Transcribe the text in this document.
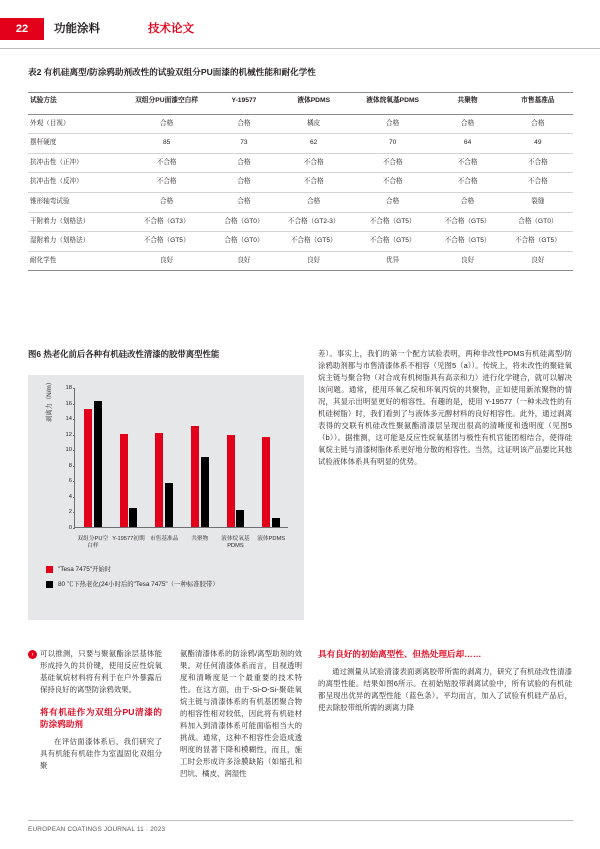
22	功能涂料	技术论文
表2 有机硅离型/防涂鸦助剂改性的试验双组分PU面漆的机械性能和耐化学性
试验方法	双组分PU面漆空白样	Y-19577	液体PDMS	液体烷氧基PDMS	共聚物	市售基准品
外观（目视）	合格	合格	橘皮	合格	合格	合格
摆杆硬度	85	73	62	70	64	49
抗冲击性（正冲）	不合格	合格	不合格	不合格	不合格	不合格
抗冲击性（反冲）	不合格	合格	不合格	不合格	不合格	不合格
锥形轴弯试验	合格	合格	合格	合格	合格	裂缝
干附着力（划格法）	不合格（GT3）	合格（GT0）	不合格（GT2-3）	不合格（GT5）	不合格（GT5）	合格（GT0）
湿附着力（划格法）	不合格（GT5）	合格（GT0）	不合格（GT5）	不合格（GT5）	不合格（GT5）	不合格（GT5）
耐化学性	良好	良好	良好	优异	良好	良好
图6 热老化前后各种有机硅改性清漆的胶带离型性能
剥离力（N/m）
0
2
4
6
8
10
12
14
16
18
双组分PU空白样
Y-19577初期 市售基准品	共聚物	液体烷氧基PDMS
液体PDMS
"Tesa 7475"开始时
80 ℃下热老化(24小时后的"Tesa 7475"（一种标准胶带）

差）。事实上，我们的第一个配方试验表明，两种非改性PDMS有机硅离型/防涂鸦助剂都与市售清漆体系不相容（见图5（a））。传统上，将未改性的聚硅氧烷主链与聚合物（对合成有机树脂具有高亲和力）进行化学键合，就可以解决该问题。通常，使用环氧乙烷和环氧丙烷的共聚物，正如使用新浓聚物的情况，其显示出明显更好的相容性。有趣的是，使用 Y-19577（一种未改性的有机硅树脂）时，我们看到了与液体多元醇材料的良好相容性。此外，通过剥离表得的交联有机硅改性聚氨酯清漆层呈现出很高的清晰度和透明度（见图5（b））。据推测，这可能是反应性烷氧基团与极性有机官能团相结合，使得硅氧烷主链与清漆树脂体系更好地分散的相容性。当然，这证明该产品要比其他试验液体体系具有明显的优势。

› 可以推测，只要与聚氨酯涂层基体能形成持久的共价键，使用反应性烷氧基硅氧烷材料将有利于在户外暴露后保持良好的离型防涂鸦效果。

将有机硅作为双组分PU清漆的防涂鸦助剂

在评估面漆体系后，我们研究了具有机能有机硅作为室温固化双组分聚

氨酯清漆体系的防涂鸦/离型助剂的效果。对任何清漆体系而言，目视透明度和清晰度是一个最重要的技术特性。在这方面，由于-Si-O-Si-聚硅氧烷主链与清漆体系的有机基团聚合物的相容性相对较低，因此将有机硅材料加入到清漆体系可能面临相当大的挑战。通常，这种不相容性会造成透明度的显著下降和模糊性，而且，施工时会形成许多涂膜缺陷（如缩孔和凹坑、橘皮、润湿性

具有良好的初始离型性、但热处理后却……

通过测量从试验清漆表面剥离胶带所需的剥离力，研究了有机硅改性清漆的离型性能。结果如图6所示。在初始贴胶带剥离试验中，所有试验的有机硅都呈现出优异的离型性能（蓝色条）。平均而言，加入了试验有机硅产品后，使去除胶带纸所需的剥离力降

EUROPEAN COATINGS JOURNAL 11 · 2023
